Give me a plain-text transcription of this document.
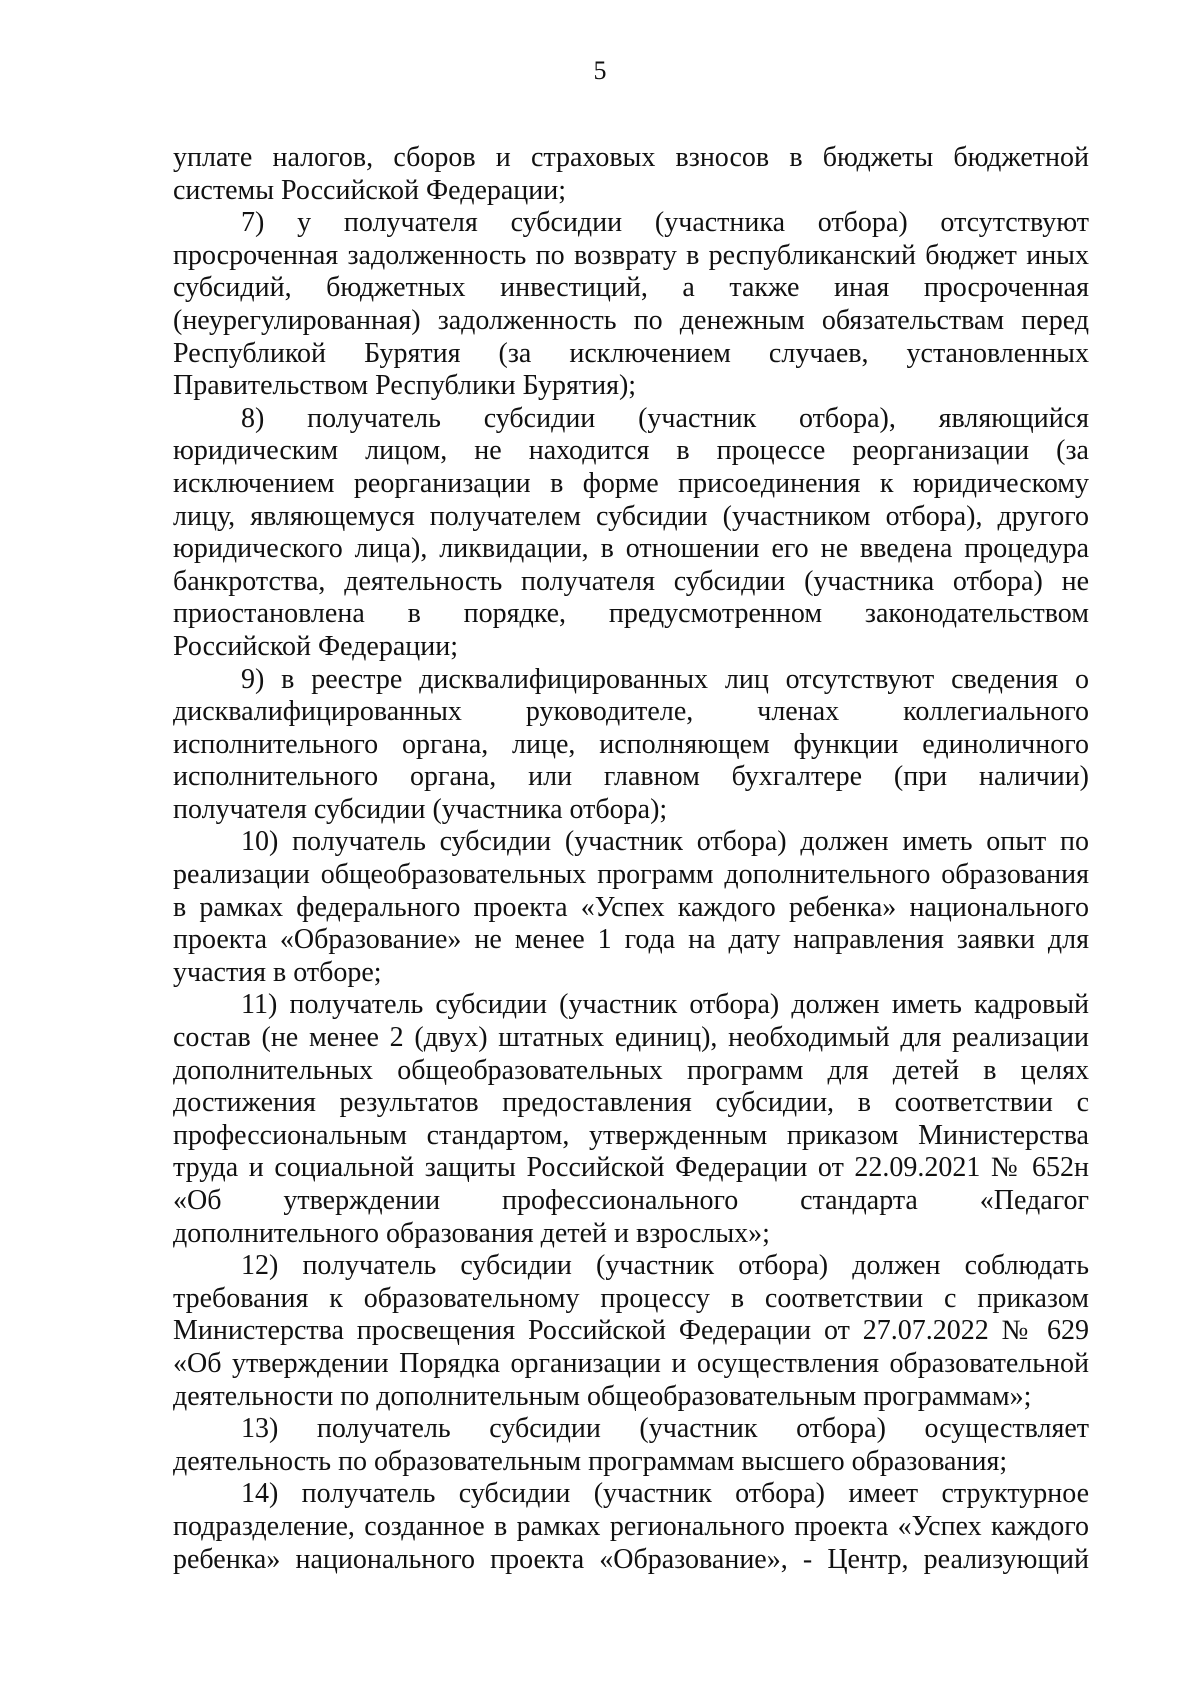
5

уплате налогов, сборов и страховых взносов в бюджеты бюджетной
системы Российской Федерации;

7) у получателя субсидии (участника отбора) отсутствуют
просроченная задолженность по возврату в республиканский бюджет иных
субсидий, бюджетных инвестиций, а также иная просроченная
(неурегулированная) задолженность по денежным обязательствам перед
Республикой Бурятия (за исключением случаев, установленных
Правительством Республики Бурятия);

8) получатель субсидии (участник отбора), являющийся
юридическим лицом, не находится в процессе реорганизации (за
исключением реорганизации в форме присоединения к юридическому
лицу, являющемуся получателем субсидии (участником отбора), другого
юридического лица), ликвидации, в отношении его не введена процедура
банкротства, деятельность получателя субсидии (участника отбора) не
приостановлена в порядке, предусмотренном законодательством
Российской Федерации;

9) в реестре дисквалифицированных лиц отсутствуют сведения о
дисквалифицированных руководителе, членах коллегиального
исполнительного органа, лице, исполняющем функции единоличного
исполнительного органа, или главном бухгалтере (при наличии)
получателя субсидии (участника отбора);

10) получатель субсидии (участник отбора) должен иметь опыт по
реализации общеобразовательных программ дополнительного образования
в рамках федерального проекта «Успех каждого ребенка» национального
проекта «Образование» не менее 1 года на дату направления заявки для
участия в отборе;

11) получатель субсидии (участник отбора) должен иметь кадровый
состав (не менее 2 (двух) штатных единиц), необходимый для реализации
дополнительных общеобразовательных программ для детей в целях
достижения результатов предоставления субсидии, в соответствии с
профессиональным стандартом, утвержденным приказом Министерства
труда и социальной защиты Российской Федерации от 22.09.2021 № 652н
«Об утверждении профессионального стандарта «Педагог
дополнительного образования детей и взрослых»;

12) получатель субсидии (участник отбора) должен соблюдать
требования к образовательному процессу в соответствии с приказом
Министерства просвещения Российской Федерации от 27.07.2022 № 629
«Об утверждении Порядка организации и осуществления образовательной
деятельности по дополнительным общеобразовательным программам»;

13) получатель субсидии (участник отбора) осуществляет
деятельность по образовательным программам высшего образования;

14) получатель субсидии (участник отбора) имеет структурное
подразделение, созданное в рамках регионального проекта «Успех каждого
ребенка» национального проекта «Образование», - Центр, реализующий
